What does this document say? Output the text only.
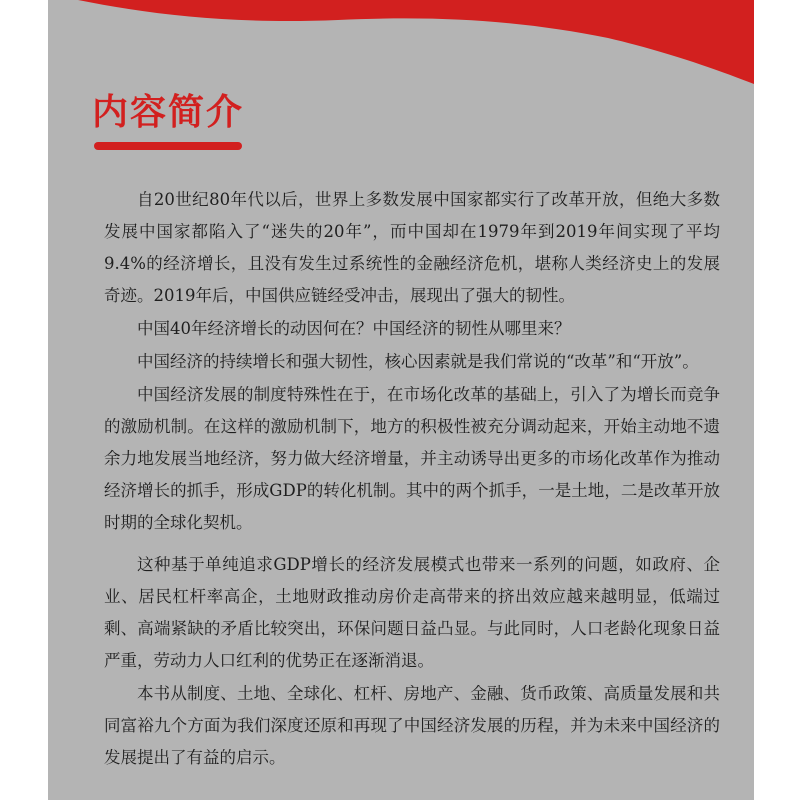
内容简介

自20世纪80年代以后，世界上多数发展中国家都实行了改革开放，但绝大多数发展中国家都陷入了“迷失的20年”，而中国却在1979年到2019年间实现了平均9.4%的经济增长，且没有发生过系统性的金融经济危机，堪称人类经济史上的发展奇迹。2019年后，中国供应链经受冲击，展现出了强大的韧性。

中国40年经济增长的动因何在？中国经济的韧性从哪里来？

中国经济的持续增长和强大韧性，核心因素就是我们常说的“改革”和“开放”。

中国经济发展的制度特殊性在于，在市场化改革的基础上，引入了为增长而竞争的激励机制。在这样的激励机制下，地方的积极性被充分调动起来，开始主动地不遗余力地发展当地经济，努力做大经济增量，并主动诱导出更多的市场化改革作为推动经济增长的抓手，形成GDP的转化机制。其中的两个抓手，一是土地，二是改革开放时期的全球化契机。

这种基于单纯追求GDP增长的经济发展模式也带来一系列的问题，如政府、企业、居民杠杆率高企，土地财政推动房价走高带来的挤出效应越来越明显，低端过剩、高端紧缺的矛盾比较突出，环保问题日益凸显。与此同时，人口老龄化现象日益严重，劳动力人口红利的优势正在逐渐消退。

本书从制度、土地、全球化、杠杆、房地产、金融、货币政策、高质量发展和共同富裕九个方面为我们深度还原和再现了中国经济发展的历程，并为未来中国经济的发展提出了有益的启示。
